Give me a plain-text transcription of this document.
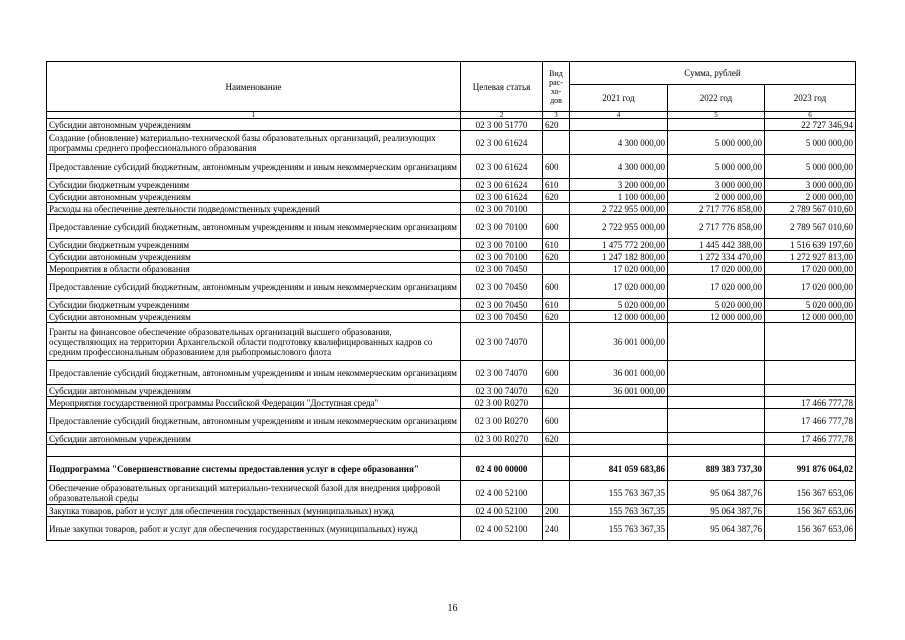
Наименование	Целевая статья	Вид рас-хо-дов	Сумма, рублей		
			2021 год	2022 год	2023 год
1	2	3	4	5	6
Субсидии автономным учреждениям	02 3 00 51770	620			22 727 346,94
Создание (обновление) материально-технической базы образовательных организаций, реализующих программы среднего профессионального образования	02 3 00 61624		4 300 000,00	5 000 000,00	5 000 000,00
Предоставление субсидий бюджетным, автономным учреждениям и иным некоммерческим организациям	02 3 00 61624	600	4 300 000,00	5 000 000,00	5 000 000,00
Субсидии бюджетным учреждениям	02 3 00 61624	610	3 200 000,00	3 000 000,00	3 000 000,00
Субсидии автономным учреждениям	02 3 00 61624	620	1 100 000,00	2 000 000,00	2 000 000,00
Расходы на обеспечение деятельности подведомственных учреждений	02 3 00 70100		2 722 955 000,00	2 717 776 858,00	2 789 567 010,60
Предоставление субсидий бюджетным, автономным учреждениям и иным некоммерческим организациям	02 3 00 70100	600	2 722 955 000,00	2 717 776 858,00	2 789 567 010,60
Субсидии бюджетным учреждениям	02 3 00 70100	610	1 475 772 200,00	1 445 442 388,00	1 516 639 197,60
Субсидии автономным учреждениям	02 3 00 70100	620	1 247 182 800,00	1 272 334 470,00	1 272 927 813,00
Мероприятия в области образования	02 3 00 70450		17 020 000,00	17 020 000,00	17 020 000,00
Предоставление субсидий бюджетным, автономным учреждениям и иным некоммерческим организациям	02 3 00 70450	600	17 020 000,00	17 020 000,00	17 020 000,00
Субсидии бюджетным учреждениям	02 3 00 70450	610	5 020 000,00	5 020 000,00	5 020 000,00
Субсидии автономным учреждениям	02 3 00 70450	620	12 000 000,00	12 000 000,00	12 000 000,00
Гранты на финансовое обеспечение образовательных организаций высшего образования, осуществляющих на территории Архангельской области подготовку квалифицированных кадров со средним профессиональным образованием для рыбопромыслового флота	02 3 00 74070		36 001 000,00		
Предоставление субсидий бюджетным, автономным учреждениям и иным некоммерческим организациям	02 3 00 74070	600	36 001 000,00		
Субсидии автономным учреждениям	02 3 00 74070	620	36 001 000,00		
Мероприятия государственной программы Российской Федерации "Доступная среда"	02 3 00 R0270				17 466 777,78
Предоставление субсидий бюджетным, автономным учреждениям и иным некоммерческим организациям	02 3 00 R0270	600			17 466 777,78
Субсидии автономным учреждениям	02 3 00 R0270	620			17 466 777,78

Подпрограмма "Совершенствование системы предоставления услуг в сфере образования"	02 4 00 00000		841 059 683,86	889 383 737,30	991 876 064,02
Обеспечение образовательных организаций материально-технической базой для внедрения цифровой образовательной среды	02 4 00 52100		155 763 367,35	95 064 387,76	156 367 653,06
Закупка товаров, работ и услуг для обеспечения государственных (муниципальных) нужд	02 4 00 52100	200	155 763 367,35	95 064 387,76	156 367 653,06
Иные закупки товаров, работ и услуг для обеспечения государственных (муниципальных) нужд	02 4 00 52100	240	155 763 367,35	95 064 387,76	156 367 653,06
16
